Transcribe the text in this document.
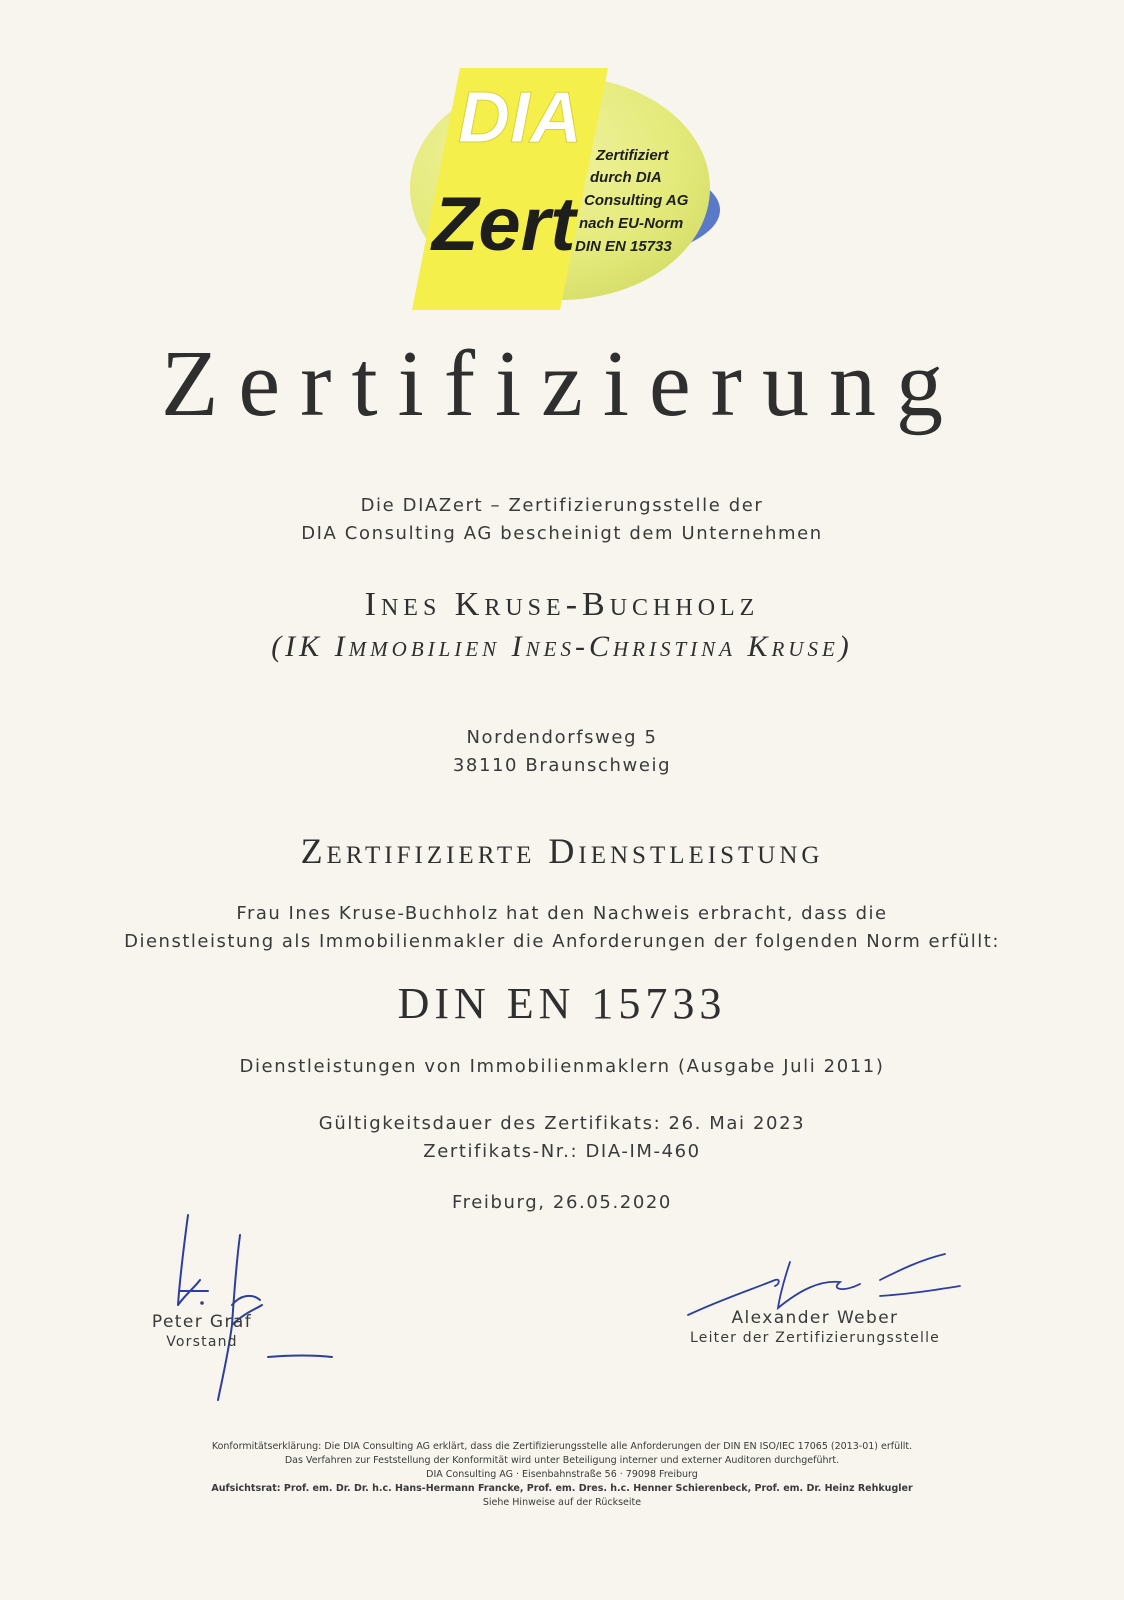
DIA
Zert
Zertifiziert
durch DIA
Consulting AG
nach EU-Norm
DIN EN 15733
Zertifizierung
Die DIAZert – Zertifizierungsstelle der
DIA Consulting AG bescheinigt dem Unternehmen
Ines Kruse-Buchholz
(IK Immobilien Ines-Christina Kruse)
Nordendorfsweg 5
38110 Braunschweig
Zertifizierte Dienstleistung
Frau Ines Kruse-Buchholz hat den Nachweis erbracht, dass die
Dienstleistung als Immobilienmakler die Anforderungen der folgenden Norm erfüllt:
DIN EN 15733
Dienstleistungen von Immobilienmaklern (Ausgabe Juli 2011)
Gültigkeitsdauer des Zertifikats: 26. Mai 2023
Zertifikats-Nr.: DIA-IM-460
Freiburg, 26.05.2020
Peter Graf
Vorstand
Alexander Weber
Leiter der Zertifizierungsstelle
Konformitätserklärung: Die DIA Consulting AG erklärt, dass die Zertifizierungsstelle alle Anforderungen der DIN EN ISO/IEC 17065 (2013-01) erfüllt.
Das Verfahren zur Feststellung der Konformität wird unter Beteiligung interner und externer Auditoren durchgeführt.
DIA Consulting AG · Eisenbahnstraße 56 · 79098 Freiburg
Aufsichtsrat: Prof. em. Dr. Dr. h.c. Hans-Hermann Francke, Prof. em. Dres. h.c. Henner Schierenbeck, Prof. em. Dr. Heinz Rehkugler
Siehe Hinweise auf der Rückseite
